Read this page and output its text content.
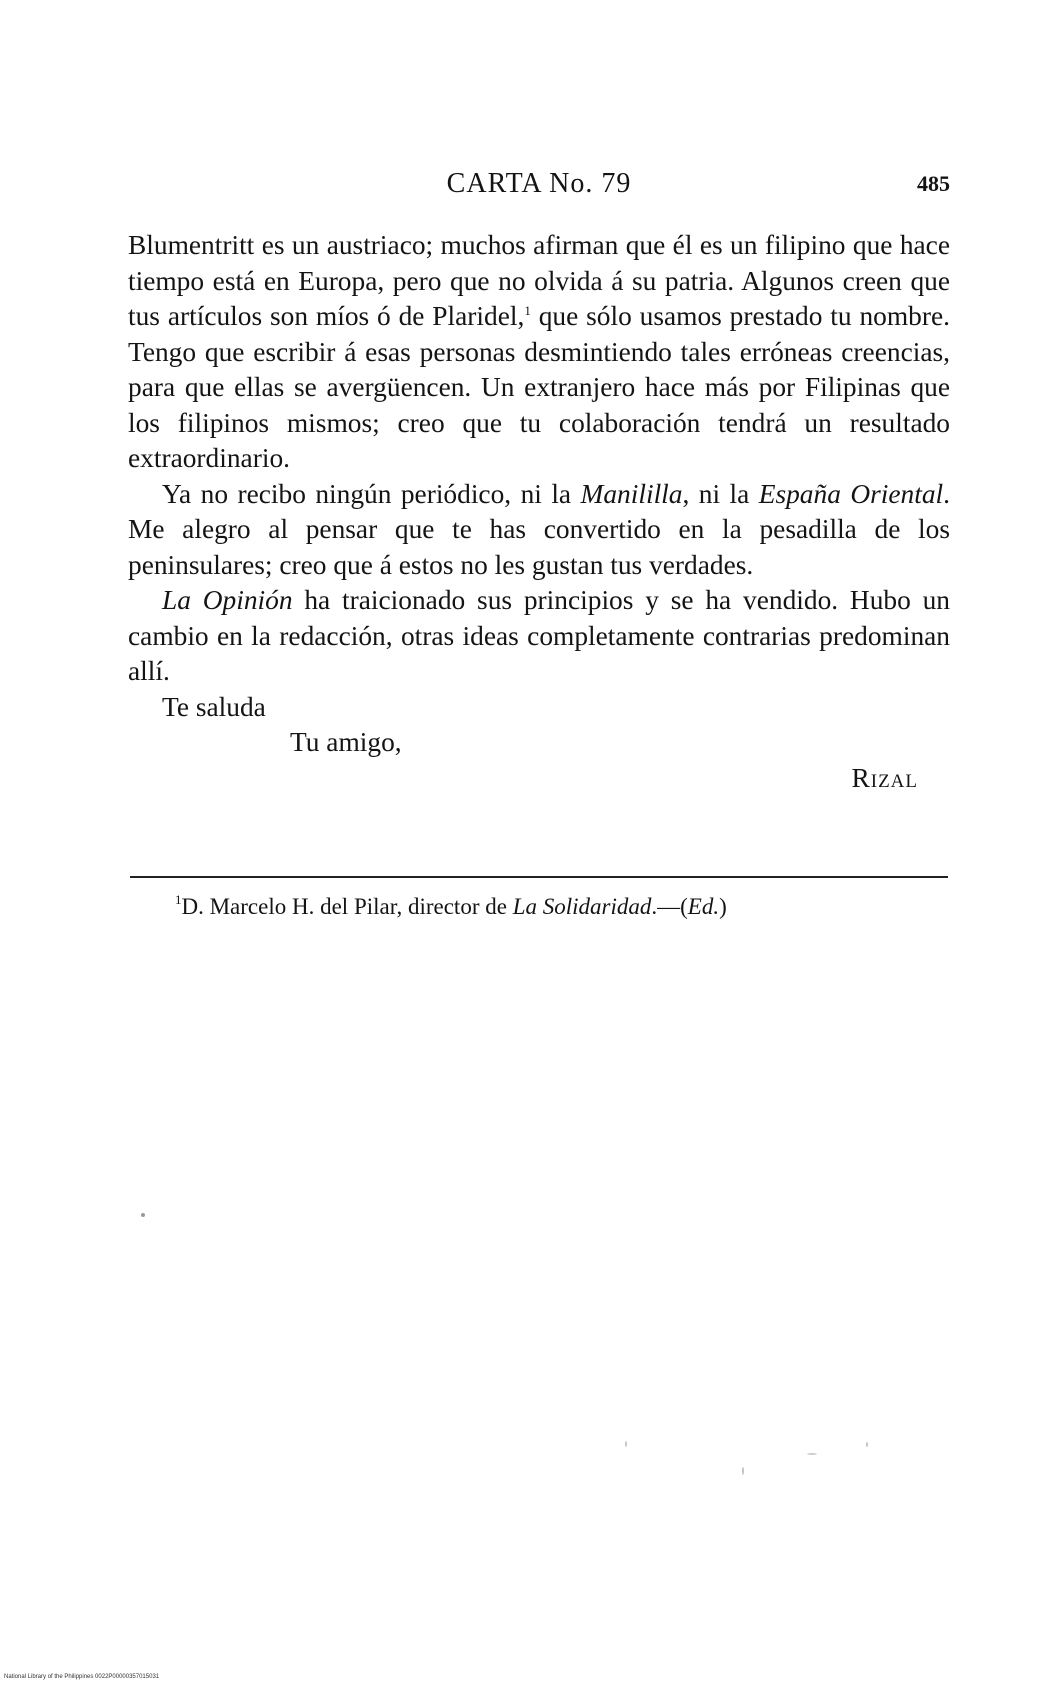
CARTA No. 79	485

Blumentritt es un austriaco; muchos afirman que él es un filipino que hace tiempo está en Europa, pero que no olvida á su patria. Algunos creen que tus artículos son míos ó de Plaridel,$^1$ que sólo usamos prestado tu nombre. Tengo que escribir á esas personas desmintiendo tales erróneas creencias, para que ellas se avergüencen. Un extranjero hace más por Filipinas que los filipinos mismos; creo que tu colaboración tendrá un resultado extraordinario.

Ya no recibo ningún periódico, ni la Manililla, ni la España Oriental. Me alegro al pensar que te has convertido en la pesadilla de los peninsulares; creo que á estos no les gustan tus verdades.

La Opinión ha traicionado sus principios y se ha vendido. Hubo un cambio en la redacción, otras ideas completamente contrarias predominan allí.

Te saluda

Tu amigo,

Rizal

$^1$D. Marcelo H. del Pilar, director de La Solidaridad.—(Ed.)
National Library of the Philippines 0022P00000357015031
